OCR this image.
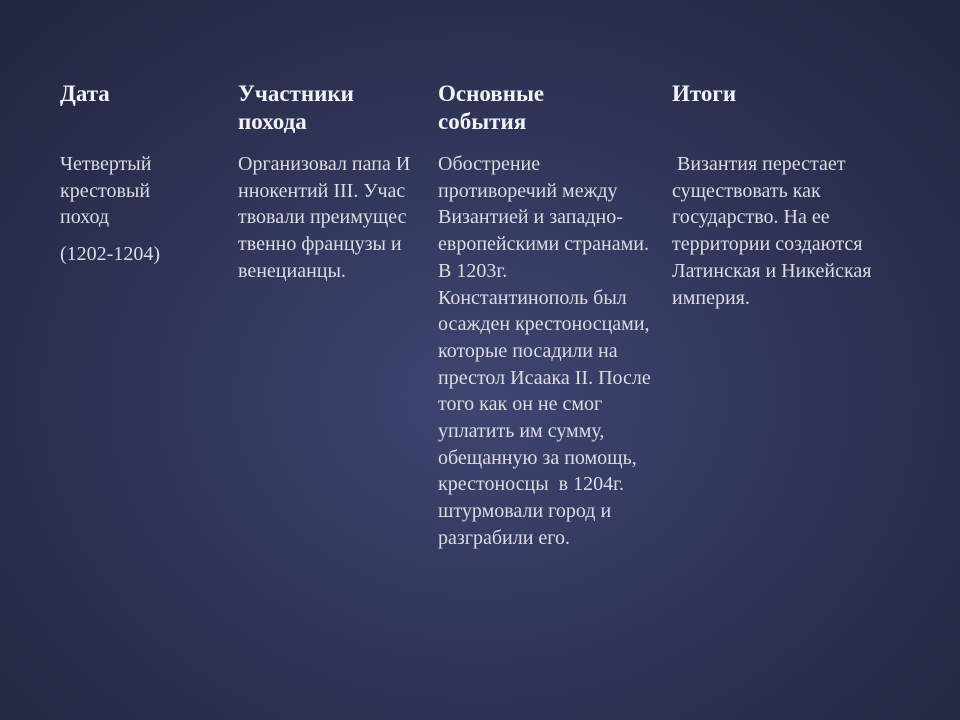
Дата	Участники похода
Основные события
Итоги

Четвертый крестовый поход

(1202-1204)

Организовал папа Иннокентий III. Участвовали преимущественно французы и венецианцы.
Обострение противоречий между Византией и западно-европейскими странами.  В 1203г. Константинополь был осажден крестоносцами, которые посадили на престол Исаака II. После того как он не смог уплатить им сумму, обещанную за помощь, крестоносцы  в 1204г. штурмовали город и разграбили его.
Византия перестает существовать как государство. На ее территории создаются Латинская и Никейская империя.
